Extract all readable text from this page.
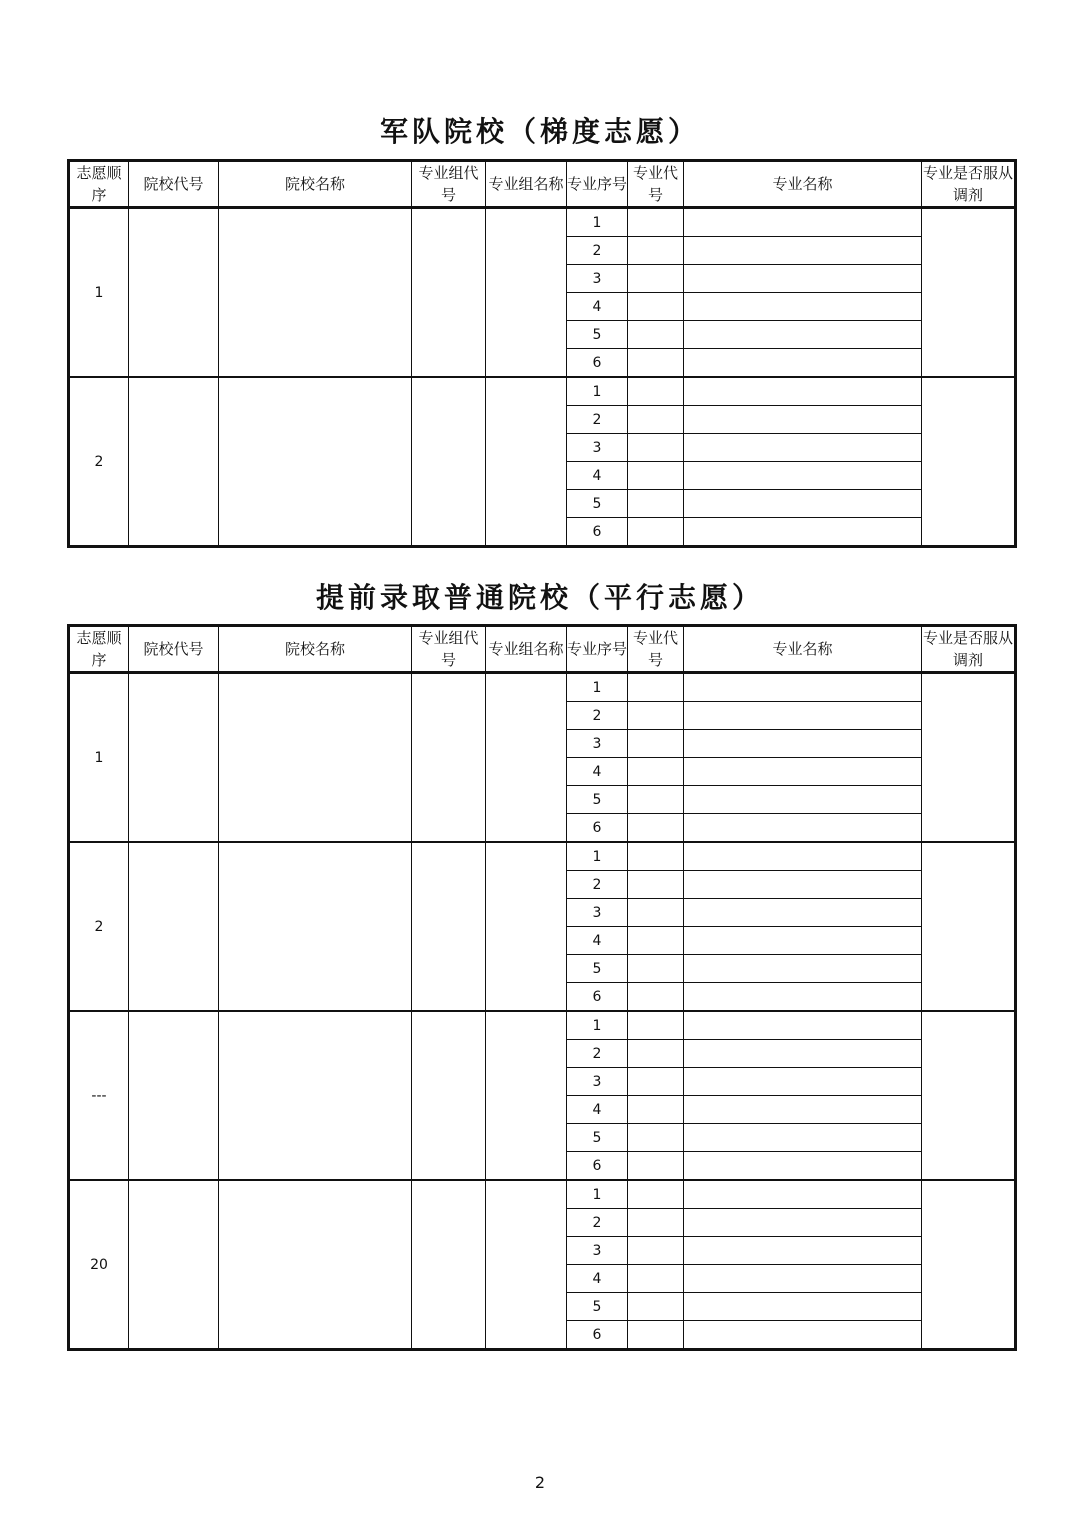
军队院校（梯度志愿）
志愿顺序	院校代号	院校名称	专业组代号	专业组名称	专业序号	专业代号	专业名称	专业是否服从调剂
1					1			
					2			
					3			
					4			
					5			
					6			
2					1			
					2			
					3			
					4			
					5			
					6			
提前录取普通院校（平行志愿）
志愿顺序	院校代号	院校名称	专业组代号	专业组名称	专业序号	专业代号	专业名称	专业是否服从调剂
1					1			
					2			
					3			
					4			
					5			
					6			
2					1			
					2			
					3			
					4			
					5			
					6			
---					1			
					2			
					3			
					4			
					5			
					6			
20					1			
					2			
					3			
					4			
					5			
					6			
2
